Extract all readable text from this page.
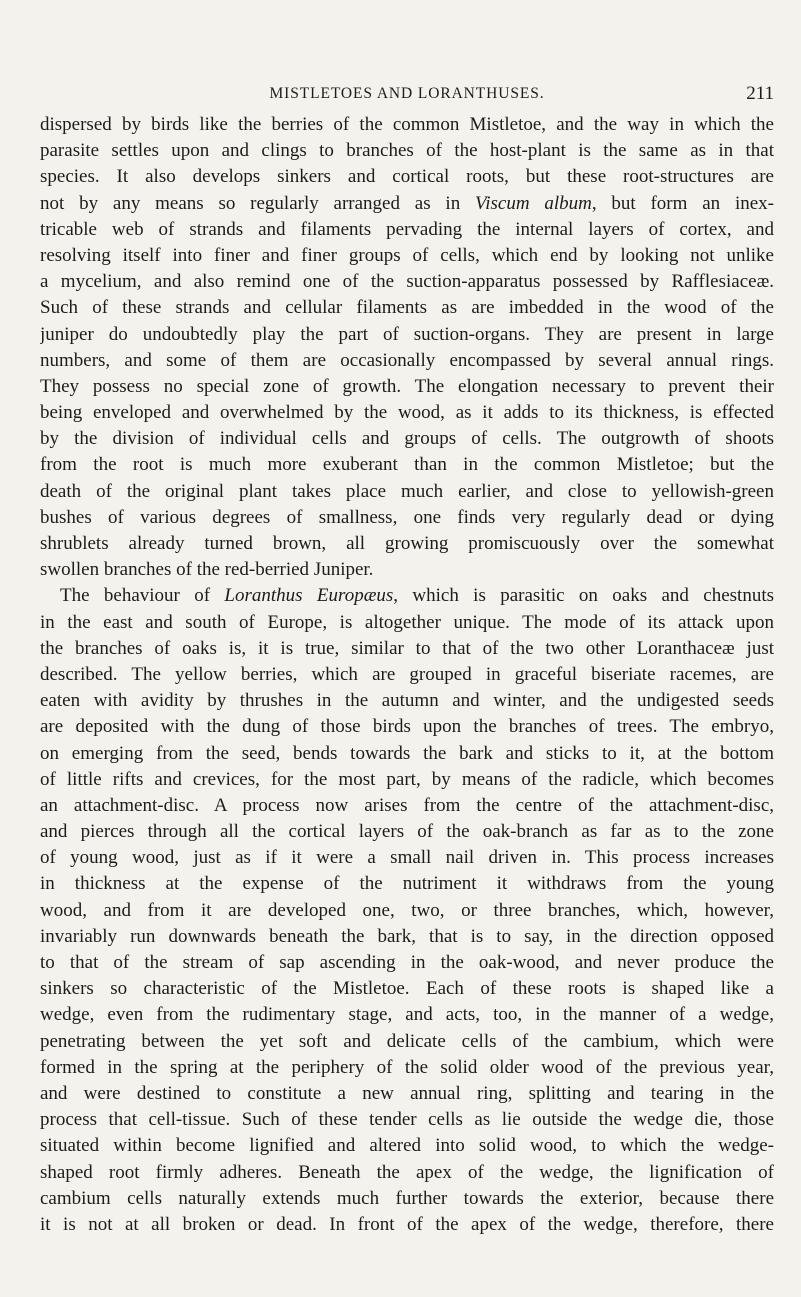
MISTLETOES AND LORANTHUSES.	211
dispersed by birds like the berries of the common Mistletoe, and the way in which the
parasite settles upon and clings to branches of the host-plant is the same as in that
species. It also develops sinkers and cortical roots, but these root-structures are
not by any means so regularly arranged as in Viscum album, but form an inex-
tricable web of strands and filaments pervading the internal layers of cortex, and
resolving itself into finer and finer groups of cells, which end by looking not unlike
a mycelium, and also remind one of the suction-apparatus possessed by Rafflesiaceæ.
Such of these strands and cellular filaments as are imbedded in the wood of the
juniper do undoubtedly play the part of suction-organs. They are present in large
numbers, and some of them are occasionally encompassed by several annual rings.
They possess no special zone of growth. The elongation necessary to prevent their
being enveloped and overwhelmed by the wood, as it adds to its thickness, is effected
by the division of individual cells and groups of cells. The outgrowth of shoots
from the root is much more exuberant than in the common Mistletoe; but the
death of the original plant takes place much earlier, and close to yellowish-green
bushes of various degrees of smallness, one finds very regularly dead or dying
shrublets already turned brown, all growing promiscuously over the somewhat
swollen branches of the red-berried Juniper.
The behaviour of Loranthus Europæus, which is parasitic on oaks and chestnuts
in the east and south of Europe, is altogether unique. The mode of its attack upon
the branches of oaks is, it is true, similar to that of the two other Loranthaceæ just
described. The yellow berries, which are grouped in graceful biseriate racemes, are
eaten with avidity by thrushes in the autumn and winter, and the undigested seeds
are deposited with the dung of those birds upon the branches of trees. The embryo,
on emerging from the seed, bends towards the bark and sticks to it, at the bottom
of little rifts and crevices, for the most part, by means of the radicle, which becomes
an attachment-disc. A process now arises from the centre of the attachment-disc,
and pierces through all the cortical layers of the oak-branch as far as to the zone
of young wood, just as if it were a small nail driven in. This process increases
in thickness at the expense of the nutriment it withdraws from the young
wood, and from it are developed one, two, or three branches, which, however,
invariably run downwards beneath the bark, that is to say, in the direction opposed
to that of the stream of sap ascending in the oak-wood, and never produce the
sinkers so characteristic of the Mistletoe. Each of these roots is shaped like a
wedge, even from the rudimentary stage, and acts, too, in the manner of a wedge,
penetrating between the yet soft and delicate cells of the cambium, which were
formed in the spring at the periphery of the solid older wood of the previous year,
and were destined to constitute a new annual ring, splitting and tearing in the
process that cell-tissue. Such of these tender cells as lie outside the wedge die, those
situated within become lignified and altered into solid wood, to which the wedge-
shaped root firmly adheres. Beneath the apex of the wedge, the lignification of
cambium cells naturally extends much further towards the exterior, because there
it is not at all broken or dead. In front of the apex of the wedge, therefore, there
